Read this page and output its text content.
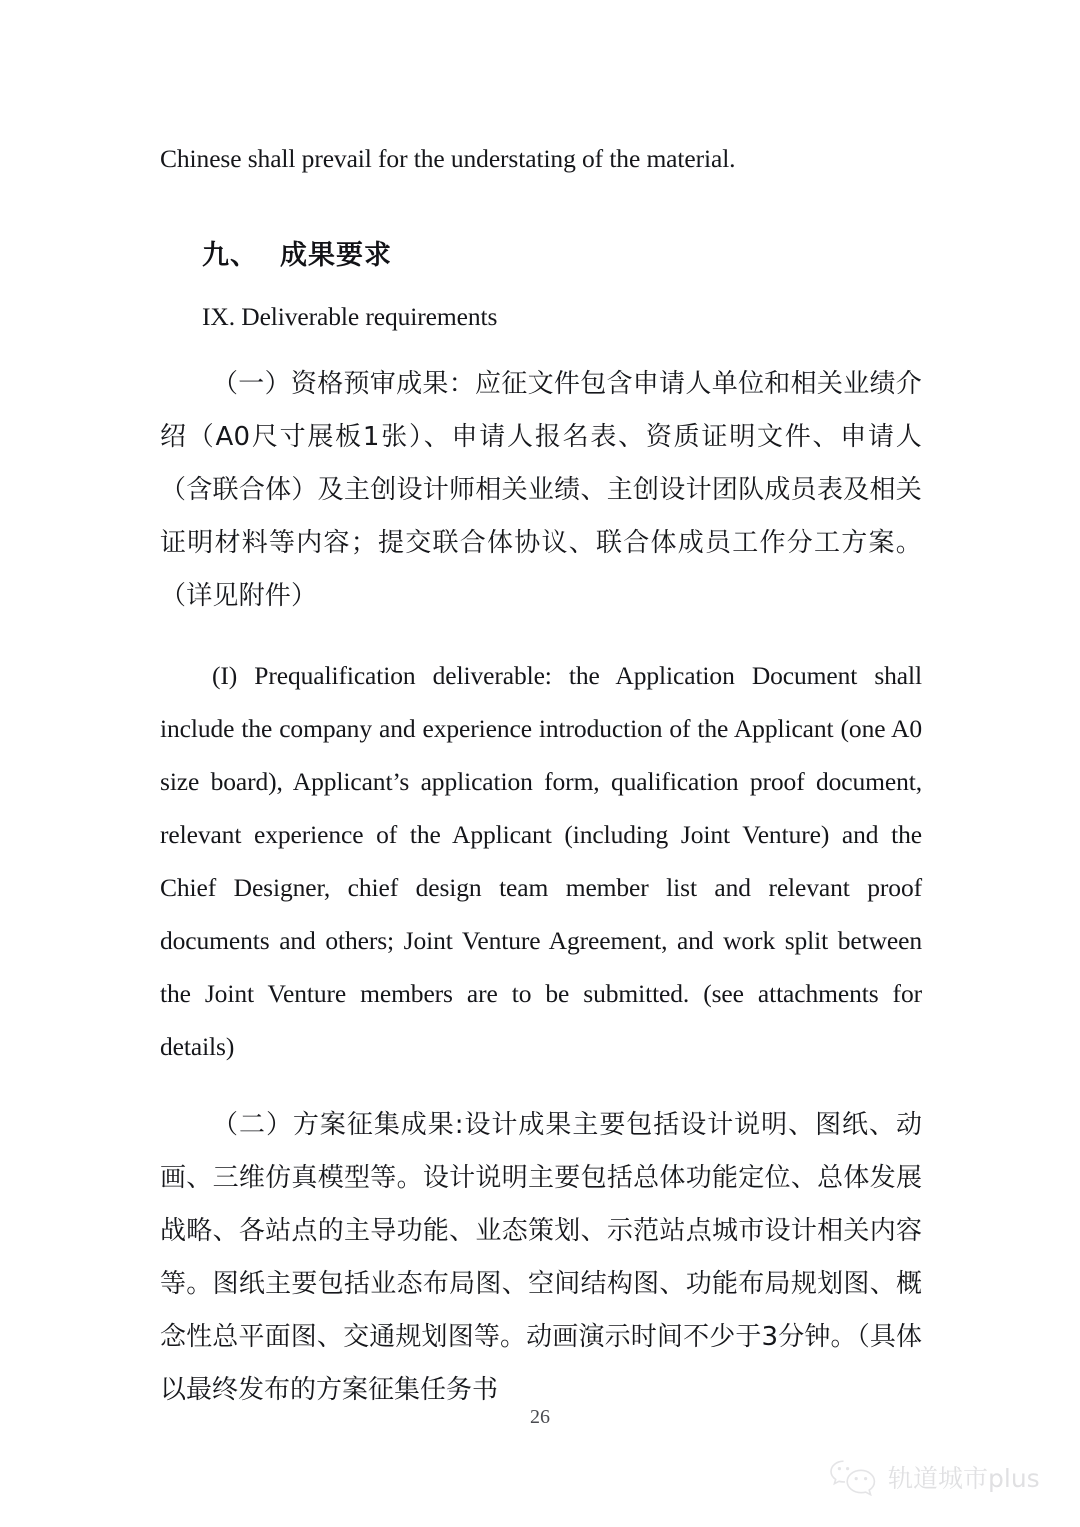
Chinese shall prevail for the understating of the material.

九、 成果要求

IX. Deliverable requirements

（一）资格预审成果：应征文件包含申请人单位和相关业绩介绍（A0尺寸展板1张）、申请人报名表、资质证明文件、申请人（含联合体）及主创设计师相关业绩、主创设计团队成员表及相关证明材料等内容；提交联合体协议、联合体成员工作分工方案。（详见附件）

(I) Prequalification deliverable: the Application Document shall include the company and experience introduction of the Applicant (one A0 size board), Applicant’s application form, qualification proof document, relevant experience of the Applicant (including Joint Venture) and the Chief Designer, chief design team member list and relevant proof documents and others; Joint Venture Agreement, and work split between the Joint Venture members are to be submitted. (see attachments for details)

（二）方案征集成果:设计成果主要包括设计说明、图纸、动画、三维仿真模型等。设计说明主要包括总体功能定位、总体发展战略、各站点的主导功能、业态策划、示范站点城市设计相关内容等。图纸主要包括业态布局图、空间结构图、功能布局规划图、概念性总平面图、交通规划图等。动画演示时间不少于3分钟。（具体以最终发布的方案征集任务书

26
轨道城市plus
